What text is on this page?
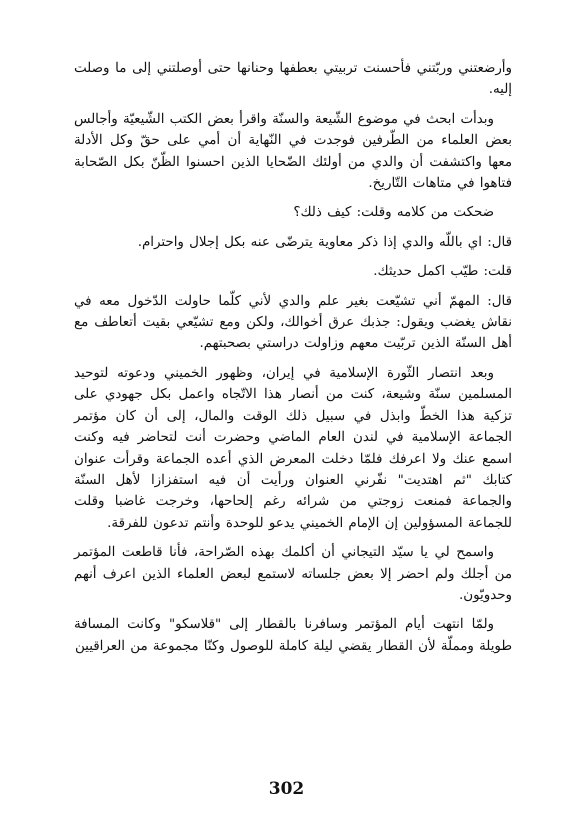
وأرضعتني وربّتني فأحسنت تربيتي بعطفها وحنانها حتى أوصلتني إلى ما وصلت إليه.

وبدأت ابحث في موضوع الشّيعة والسنّة واقرأ بعض الكتب الشّيعيّة وأجالس بعض العلماء من الطّرفين فوجدت في النّهاية أن أمي على حقّ وكل الأدلة معها واكتشفت أن والدي من أولئك الضّحايا الذين احسنوا الظّنّ بكل الصّحابة فتاهوا في متاهات التّاريخ.

ضحكت من كلامه وقلت: كيف ذلك؟

قال: اي باللّه والدي إذا ذكر معاوية يترضّى عنه بكل إجلال واحترام.

قلت: طيّب اكمل حديثك.

قال: المهمّ أني تشيّعت بغير علم والدي لأني كلّما حاولت الدّخول معه في نقاش يغضب ويقول: جذبك عرق أخوالك، ولكن ومع تشيّعي بقيت أتعاطف مع أهل السنّة الذين تربّيت معهم وزاولت دراستي بصحبتهم.

وبعد انتصار الثّورة الإسلامية في إيران، وظهور الخميني ودعوته لتوحيد المسلمين سنّة وشيعة، كنت من أنصار هذا الاتّجاه واعمل بكل جهودي على تزكية هذا الخطّ وابذل في سبيل ذلك الوقت والمال، إلى أن كان مؤتمر الجماعة الإسلامية في لندن العام الماضي وحضرت أنت لتحاضر فيه وكنت اسمع عنك ولا اعرفك فلمّا دخلت المعرض الذي أعده الجماعة وقرأت عنوان كتابك "ثم اهتديت" نفّرني العنوان ورأيت أن فيه استفزازا لأهل السنّة والجماعة فمنعت زوجتي من شرائه رغم إلحاحها، وخرجت غاضبا وقلت للجماعة المسؤولين إن الإمام الخميني يدعو للوحدة وأنتم تدعون للفرقة.

واسمح لي يا سيّد التيجاني أن أكلمك بهذه الصّراحة، فأنا قاطعت المؤتمر من أجلك ولم احضر إلا بعض جلساته لاستمع لبعض العلماء الذين اعرف أنهم وحدويّون.

ولمّا انتهت أيام المؤتمر وسافرنا بالقطار إلى "قلاسكو" وكانت المسافة طويلة ومملّة لأن القطار يقضي ليلة كاملة للوصول وكنّا مجموعة من العراقيين

302
